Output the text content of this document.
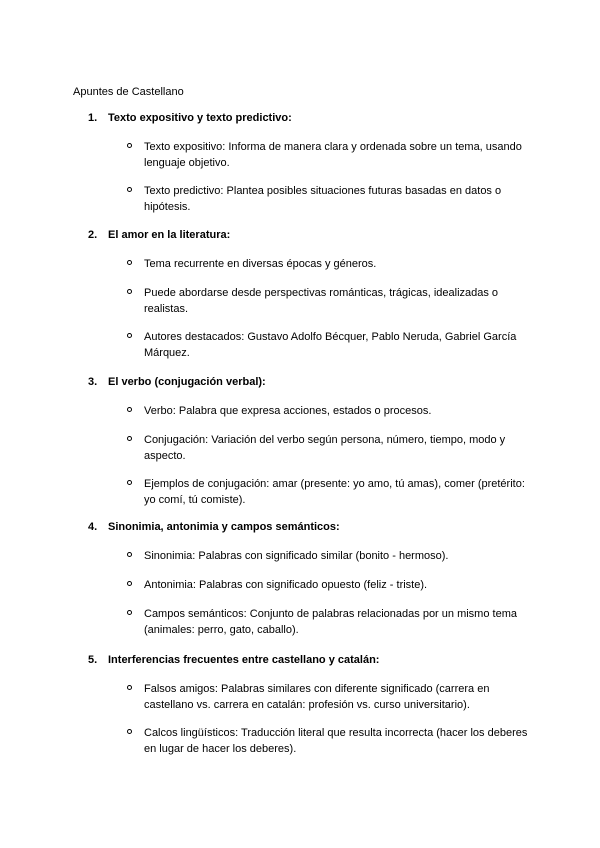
Apuntes de Castellano
1. Texto expositivo y texto predictivo:
Texto expositivo: Informa de manera clara y ordenada sobre un tema, usando lenguaje objetivo.
Texto predictivo: Plantea posibles situaciones futuras basadas en datos o hipótesis.
2. El amor en la literatura:
Tema recurrente en diversas épocas y géneros.
Puede abordarse desde perspectivas románticas, trágicas, idealizadas o realistas.
Autores destacados: Gustavo Adolfo Bécquer, Pablo Neruda, Gabriel García Márquez.
3. El verbo (conjugación verbal):
Verbo: Palabra que expresa acciones, estados o procesos.
Conjugación: Variación del verbo según persona, número, tiempo, modo y aspecto.
Ejemplos de conjugación: amar (presente: yo amo, tú amas), comer (pretérito: yo comí, tú comiste).
4. Sinonimia, antonimia y campos semánticos:
Sinonimia: Palabras con significado similar (bonito - hermoso).
Antonimia: Palabras con significado opuesto (feliz - triste).
Campos semánticos: Conjunto de palabras relacionadas por un mismo tema (animales: perro, gato, caballo).
5. Interferencias frecuentes entre castellano y catalán:
Falsos amigos: Palabras similares con diferente significado (carrera en castellano vs. carrera en catalán: profesión vs. curso universitario).
Calcos lingüísticos: Traducción literal que resulta incorrecta (hacer los deberes en lugar de hacer los deberes).
